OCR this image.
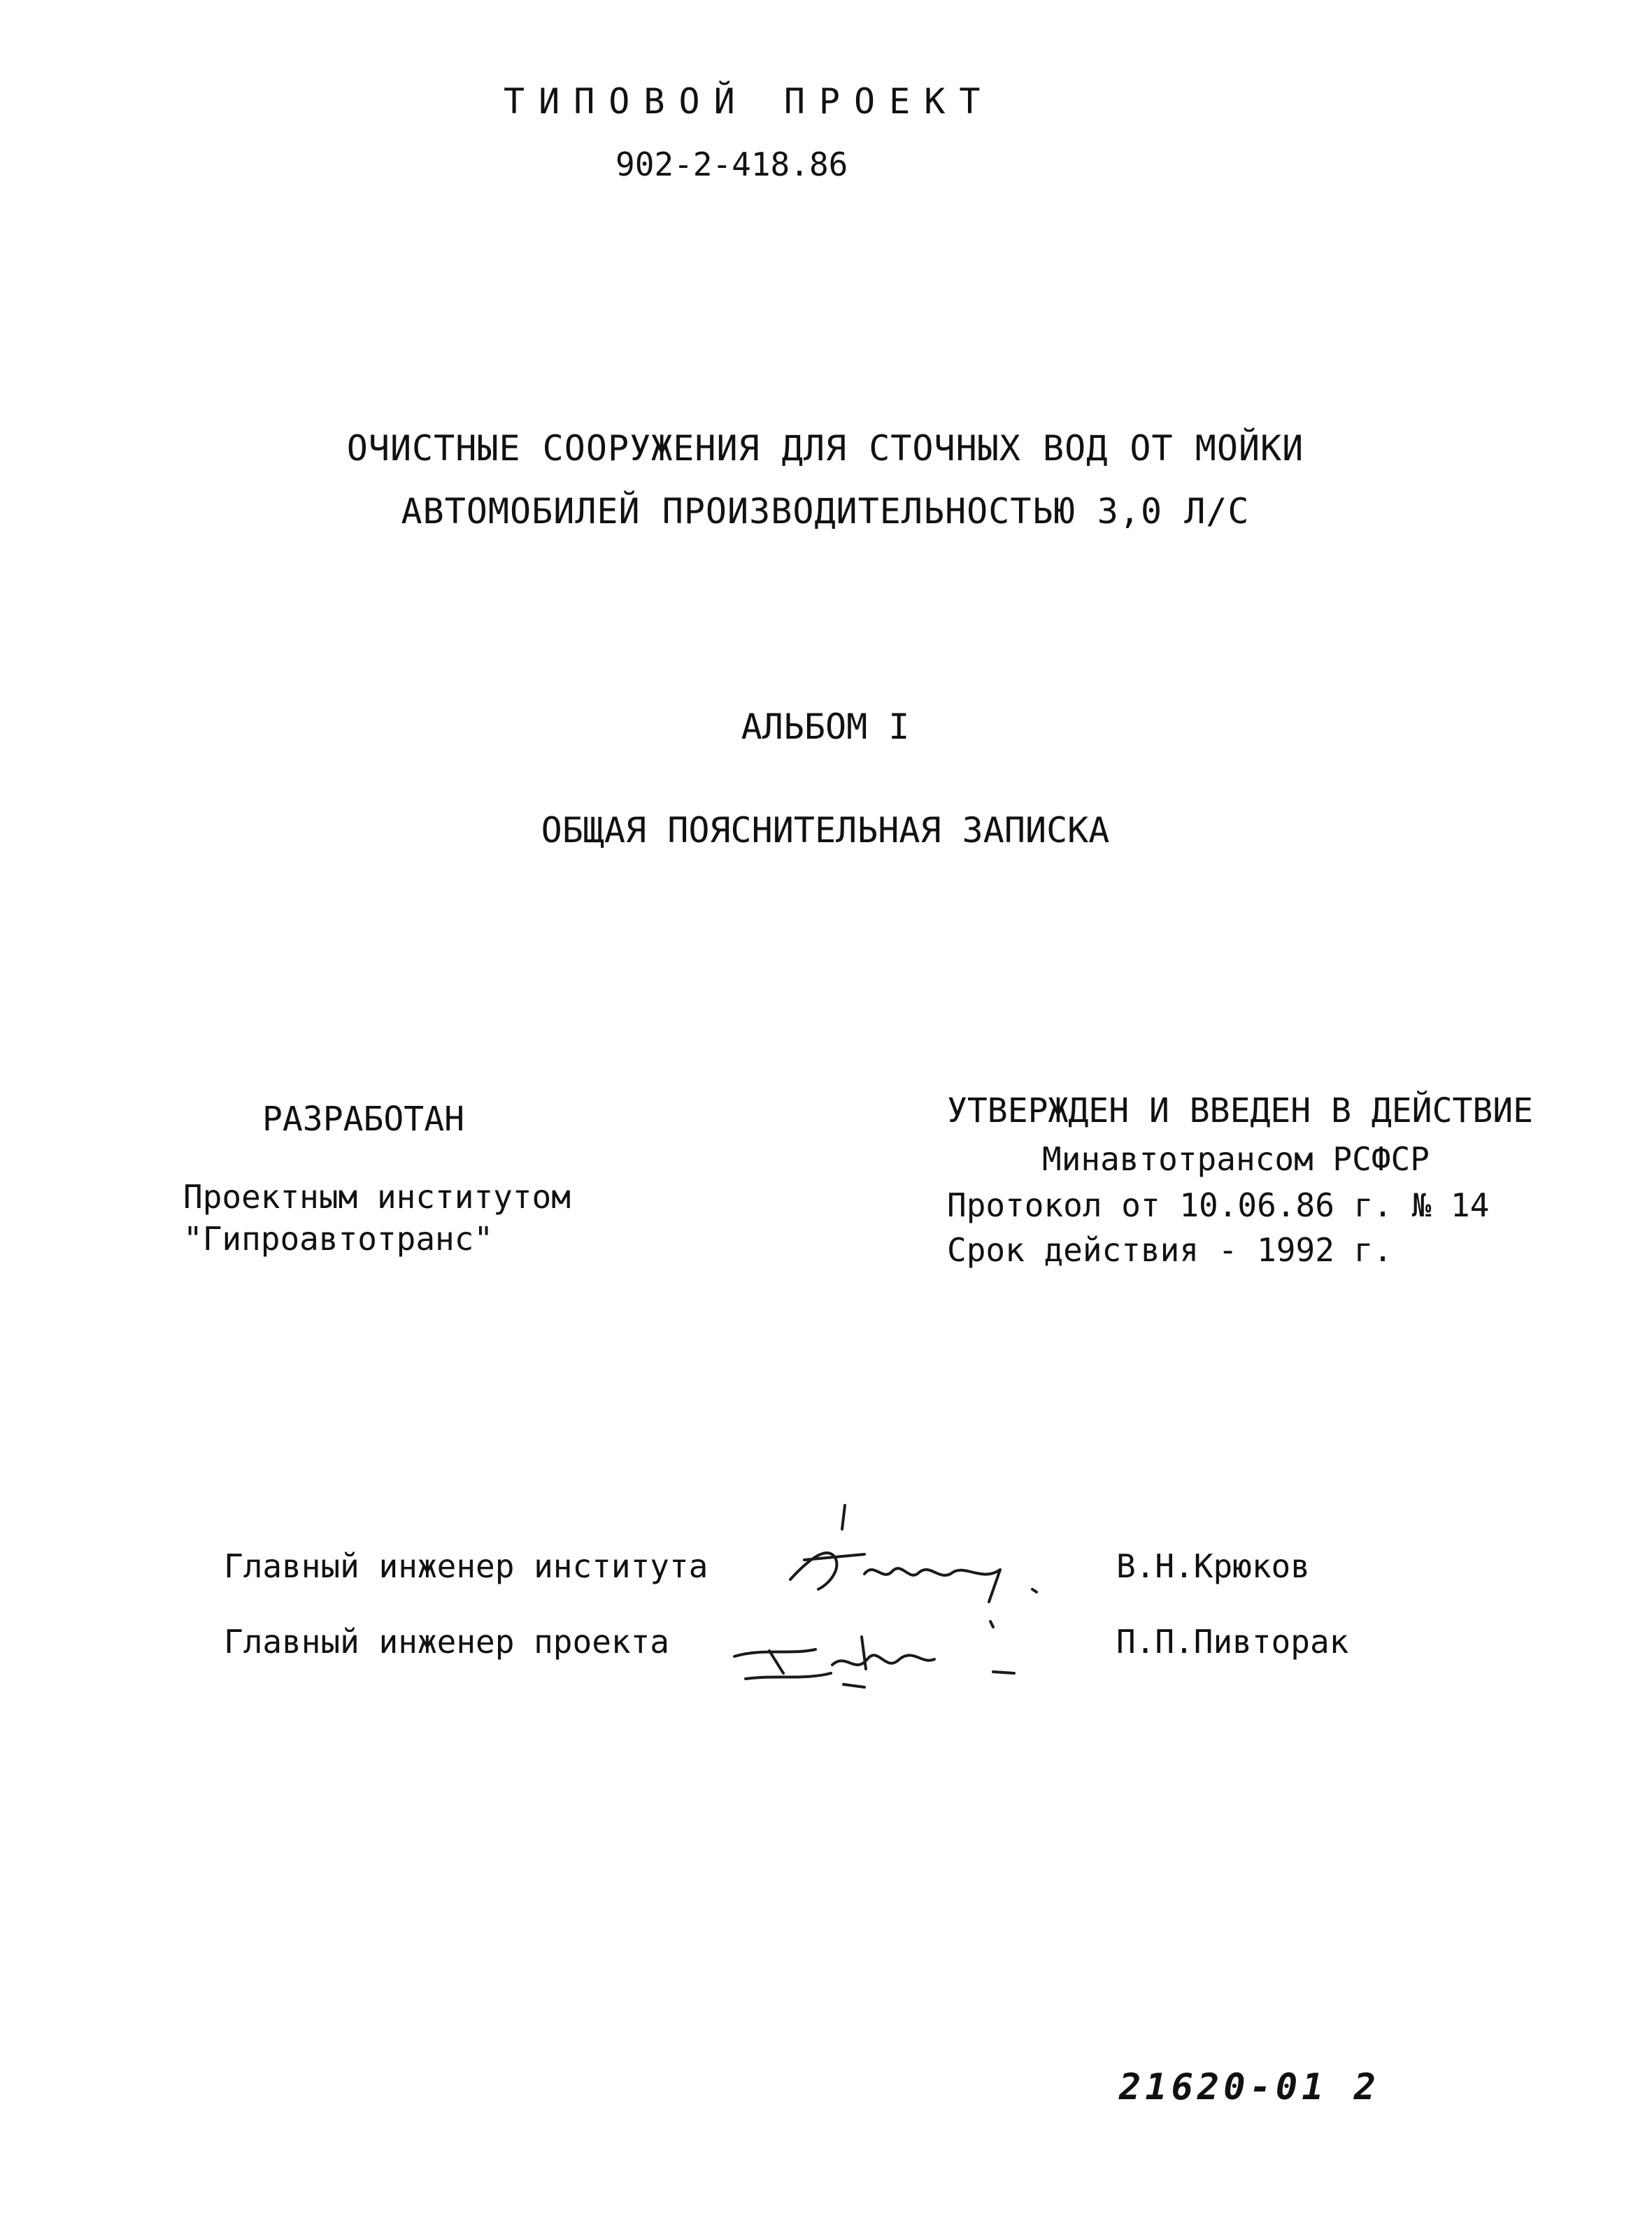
ТИПОВОЙ ПРОЕКТ
902-2-418.86
ОЧИСТНЫЕ СООРУЖЕНИЯ ДЛЯ СТОЧНЫХ ВОД ОТ МОЙКИ
АВТОМОБИЛЕЙ ПРОИЗВОДИТЕЛЬНОСТЬЮ 3,0 Л/С
АЛЬБОМ I
ОБЩАЯ ПОЯСНИТЕЛЬНАЯ ЗАПИСКА
РАЗРАБОТАН
Проектным институтом
"Гипроавтотранс"
УТВЕРЖДЕН И ВВЕДЕН В ДЕЙСТВИЕ
Минавтотрансом РСФСР
Протокол от 10.06.86 г. № 14
Срок действия - 1992 г.
Главный инженер института	В.Н.Крюков
Главный инженер проекта	П.П.Пивторак
21620-01 2
